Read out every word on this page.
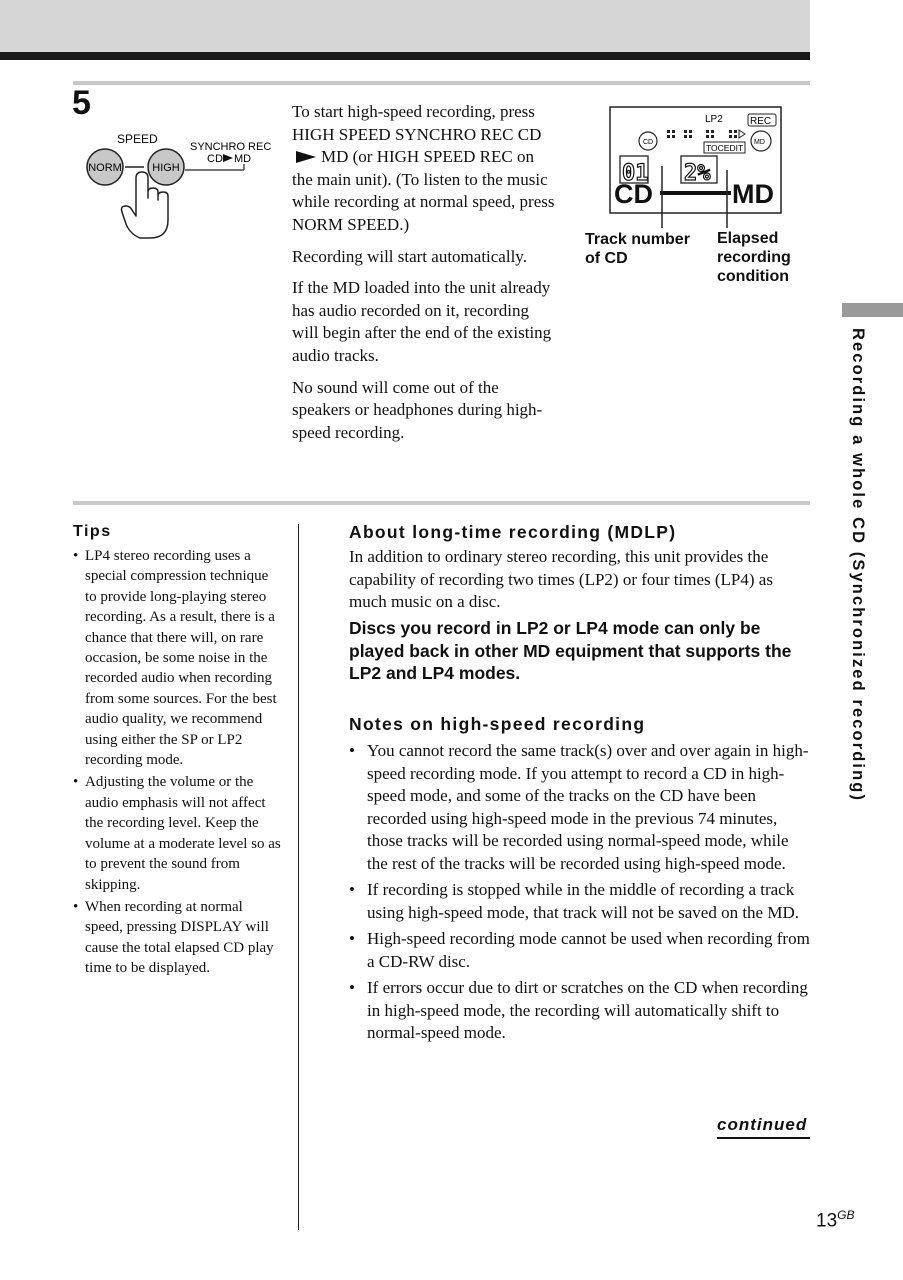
5
SPEED
NORM	HIGH
SYNCHRO REC
CD MD

To start high-speed recording, press HIGH SPEED SYNCHRO REC CDMD (or HIGH SPEED REC on the main unit). (To listen to the music while recording at normal speed, press NORM SPEED.)

Recording will start automatically.

If the MD loaded into the unit already has audio recorded on it, recording will begin after the end of the existing audio tracks.

No sound will come out of the speakers or headphones during high-speed recording.

LP2	REC
CD	MD
TOCEDIT
01 2%
CD	MD
Track number
of CD
Elapsed
recording
condition
Recording a whole CD (Synchronized recording)
Tips
• LP4 stereo recording uses a special compression technique to provide long-playing stereo recording. As a result, there is a chance that there will, on rare occasion, be some noise in the recorded audio when recording from some sources. For the best audio quality, we recommend using either the SP or LP2 recording mode.
• Adjusting the volume or the audio emphasis will not affect the recording level. Keep the volume at a moderate level so as to prevent the sound from skipping.
• When recording at normal speed, pressing DISPLAY will cause the total elapsed CD play time to be displayed.
About long-time recording (MDLP)

In addition to ordinary stereo recording, this unit provides the capability of recording two times (LP2) or four times (LP4) as much music on a disc.

Discs you record in LP2 or LP4 mode can only be played back in other MD equipment that supports the LP2 and LP4 modes.

Notes on high-speed recording
• You cannot record the same track(s) over and over again in high-speed recording mode. If you attempt to record a CD in high-speed mode, and some of the tracks on the CD have been recorded using high-speed mode in the previous 74 minutes, those tracks will be recorded using normal-speed mode, while the rest of the tracks will be recorded using high-speed mode.
• If recording is stopped while in the middle of recording a track using high-speed mode, that track will not be saved on the MD.
• High-speed recording mode cannot be used when recording from a CD-RW disc.
• If errors occur due to dirt or scratches on the CD when recording in high-speed mode, the recording will automatically shift to normal-speed mode.
continued
$13^{GB}$
